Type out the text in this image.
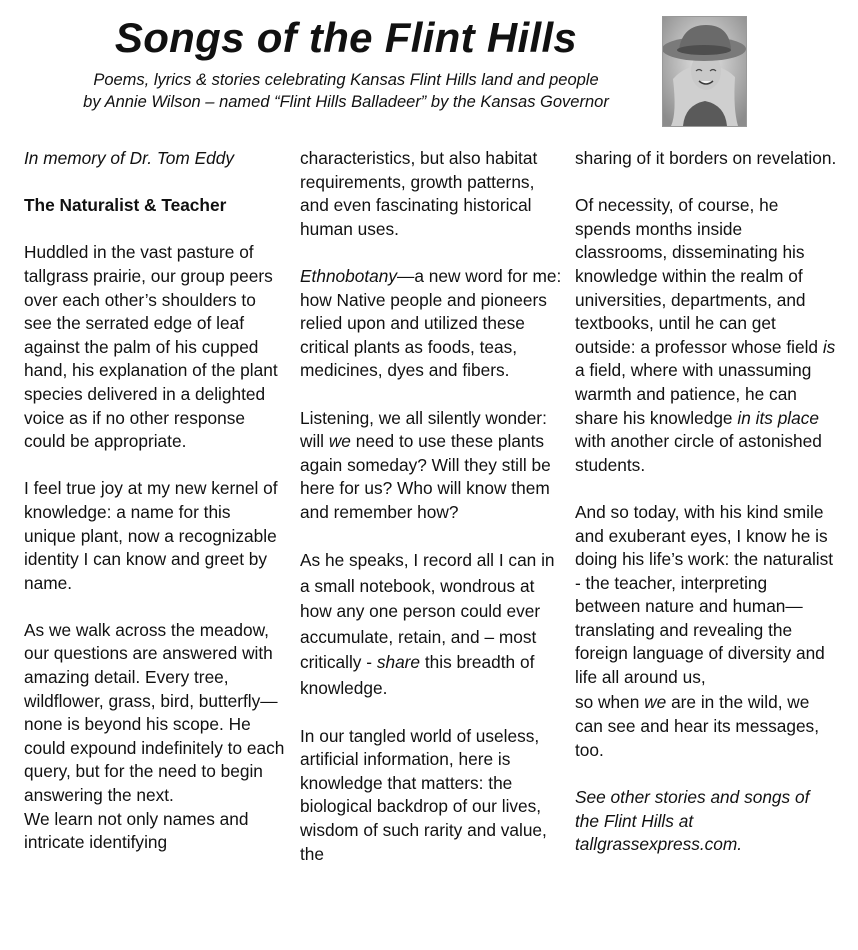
Songs of the Flint Hills
Poems, lyrics & stories celebrating Kansas Flint Hills land and people
by Annie Wilson – named “Flint Hills Balladeer” by the Kansas Governor

In memory of Dr. Tom Eddy

The Naturalist & Teacher

Huddled in the vast pasture of tallgrass prairie, our group peers over each other’s shoulders to see the serrated edge of leaf against the palm of his cupped hand, his explanation of the plant species delivered in a delighted voice as if no other response could be appropriate.

I feel true joy at my new kernel of knowledge: a name for this unique plant, now a recognizable identity I can know and greet by name.

As we walk across the meadow, our questions are answered with amazing detail. Every tree, wildflower, grass, bird, butterfly—none is beyond his scope. He could expound indefinitely to each query, but for the need to begin answering the next.

We learn not only names and intricate identifying

characteristics, but also habitat requirements, growth patterns, and even fascinating historical human uses.

Ethnobotany—a new word for me: how Native people and pioneers relied upon and utilized these critical plants as foods, teas, medicines, dyes and fibers.

Listening, we all silently wonder: will we need to use these plants again someday? Will they still be here for us? Who will know them and remember how?

As he speaks, I record all I can in a small notebook, wondrous at how any one person could ever accumulate, retain, and – most critically - share this breadth of knowledge.

In our tangled world of useless, artificial information, here is knowledge that matters: the biological backdrop of our lives, wisdom of such rarity and value, the

sharing of it borders on revelation.

Of necessity, of course, he spends months inside classrooms, disseminating his knowledge within the realm of universities, departments, and textbooks, until he can get outside: a professor whose field is a field, where with unassuming warmth and patience, he can share his knowledge in its place with another circle of astonished students.

And so today, with his kind smile and exuberant eyes, I know he is doing his life’s work: the naturalist - the teacher, interpreting between nature and human—translating and revealing the foreign language of diversity and life all around us,
so when we are in the wild, we can see and hear its messages, too.

See other stories and songs of the Flint Hills at tallgrassexpress.com.
